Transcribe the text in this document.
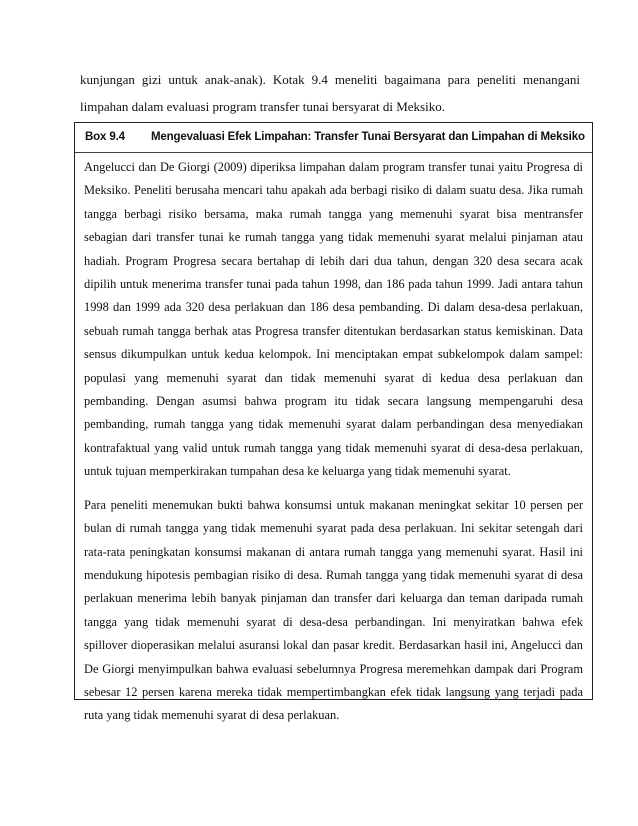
kunjungan gizi untuk anak-anak). Kotak 9.4 meneliti bagaimana para peneliti menangani limpahan dalam evaluasi program transfer tunai bersyarat di Meksiko.
Box 9.4 Mengevaluasi Efek Limpahan: Transfer Tunai Bersyarat dan Limpahan di Meksiko

Angelucci dan De Giorgi (2009) diperiksa limpahan dalam program transfer tunai yaitu Progresa di Meksiko. Peneliti berusaha mencari tahu apakah ada berbagi risiko di dalam suatu desa. Jika rumah tangga berbagi risiko bersama, maka rumah tangga yang memenuhi syarat bisa mentransfer sebagian dari transfer tunai ke rumah tangga yang tidak memenuhi syarat melalui pinjaman atau hadiah. Program Progresa secara bertahap di lebih dari dua tahun, dengan 320 desa secara acak dipilih untuk menerima transfer tunai pada tahun 1998, dan 186 pada tahun 1999. Jadi antara tahun 1998 dan 1999 ada 320 desa perlakuan dan 186 desa pembanding. Di dalam desa-desa perlakuan, sebuah rumah tangga berhak atas Progresa transfer ditentukan berdasarkan status kemiskinan. Data sensus dikumpulkan untuk kedua kelompok. Ini menciptakan empat subkelompok dalam sampel: populasi yang memenuhi syarat dan tidak memenuhi syarat di kedua desa perlakuan dan pembanding. Dengan asumsi bahwa program itu tidak secara langsung mempengaruhi desa pembanding, rumah tangga yang tidak memenuhi syarat dalam perbandingan desa menyediakan kontrafaktual yang valid untuk rumah tangga yang tidak memenuhi syarat di desa-desa perlakuan, untuk tujuan memperkirakan tumpahan desa ke keluarga yang tidak memenuhi syarat.

Para peneliti menemukan bukti bahwa konsumsi untuk makanan meningkat sekitar 10 persen per bulan di rumah tangga yang tidak memenuhi syarat pada desa perlakuan. Ini sekitar setengah dari rata-rata peningkatan konsumsi makanan di antara rumah tangga yang memenuhi syarat. Hasil ini mendukung hipotesis pembagian risiko di desa. Rumah tangga yang tidak memenuhi syarat di desa perlakuan menerima lebih banyak pinjaman dan transfer dari keluarga dan teman daripada rumah tangga yang tidak memenuhi syarat di desa-desa perbandingan. Ini menyiratkan bahwa efek spillover dioperasikan melalui asuransi lokal dan pasar kredit. Berdasarkan hasil ini, Angelucci dan De Giorgi menyimpulkan bahwa evaluasi sebelumnya Progresa meremehkan dampak dari Program sebesar 12 persen karena mereka tidak mempertimbangkan efek tidak langsung yang terjadi pada ruta yang tidak memenuhi syarat di desa perlakuan.
